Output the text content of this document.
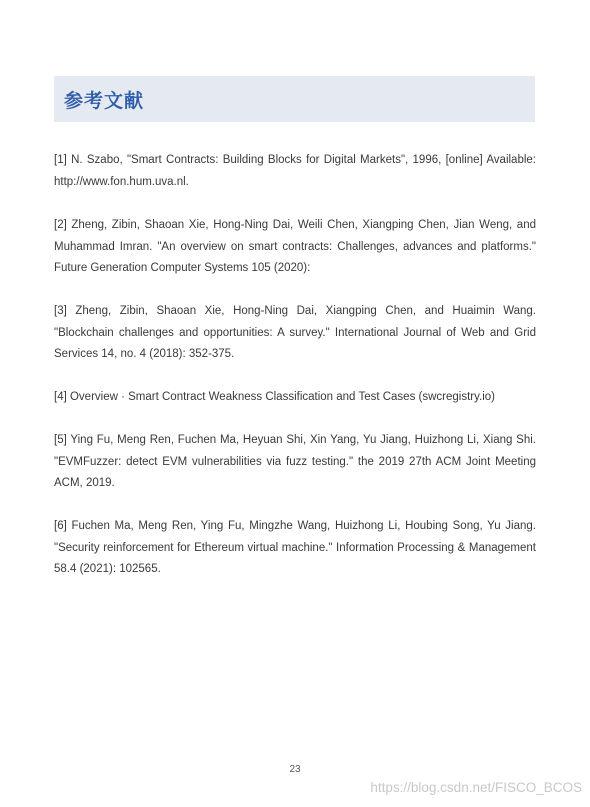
参考文献

[1] N. Szabo, "Smart Contracts: Building Blocks for Digital Markets", 1996, [online] Available: http://www.fon.hum.uva.nl.

[2] Zheng, Zibin, Shaoan Xie, Hong-Ning Dai, Weili Chen, Xiangping Chen, Jian Weng, and Muhammad Imran. "An overview on smart contracts: Challenges, advances and platforms." Future Generation Computer Systems 105 (2020):

[3] Zheng, Zibin, Shaoan Xie, Hong-Ning Dai, Xiangping Chen, and Huaimin Wang. "Blockchain challenges and opportunities: A survey." International Journal of Web and Grid Services 14, no. 4 (2018): 352-375.

[4] Overview · Smart Contract Weakness Classification and Test Cases (swcregistry.io)

[5] Ying Fu, Meng Ren, Fuchen Ma, Heyuan Shi, Xin Yang, Yu Jiang, Huizhong Li, Xiang Shi. "EVMFuzzer: detect EVM vulnerabilities via fuzz testing." the 2019 27th ACM Joint Meeting ACM, 2019.

[6] Fuchen Ma, Meng Ren, Ying Fu, Mingzhe Wang, Huizhong Li, Houbing Song, Yu Jiang. "Security reinforcement for Ethereum virtual machine." Information Processing & Management 58.4 (2021): 102565.

23
https://blog.csdn.net/FISCO_BCOS
